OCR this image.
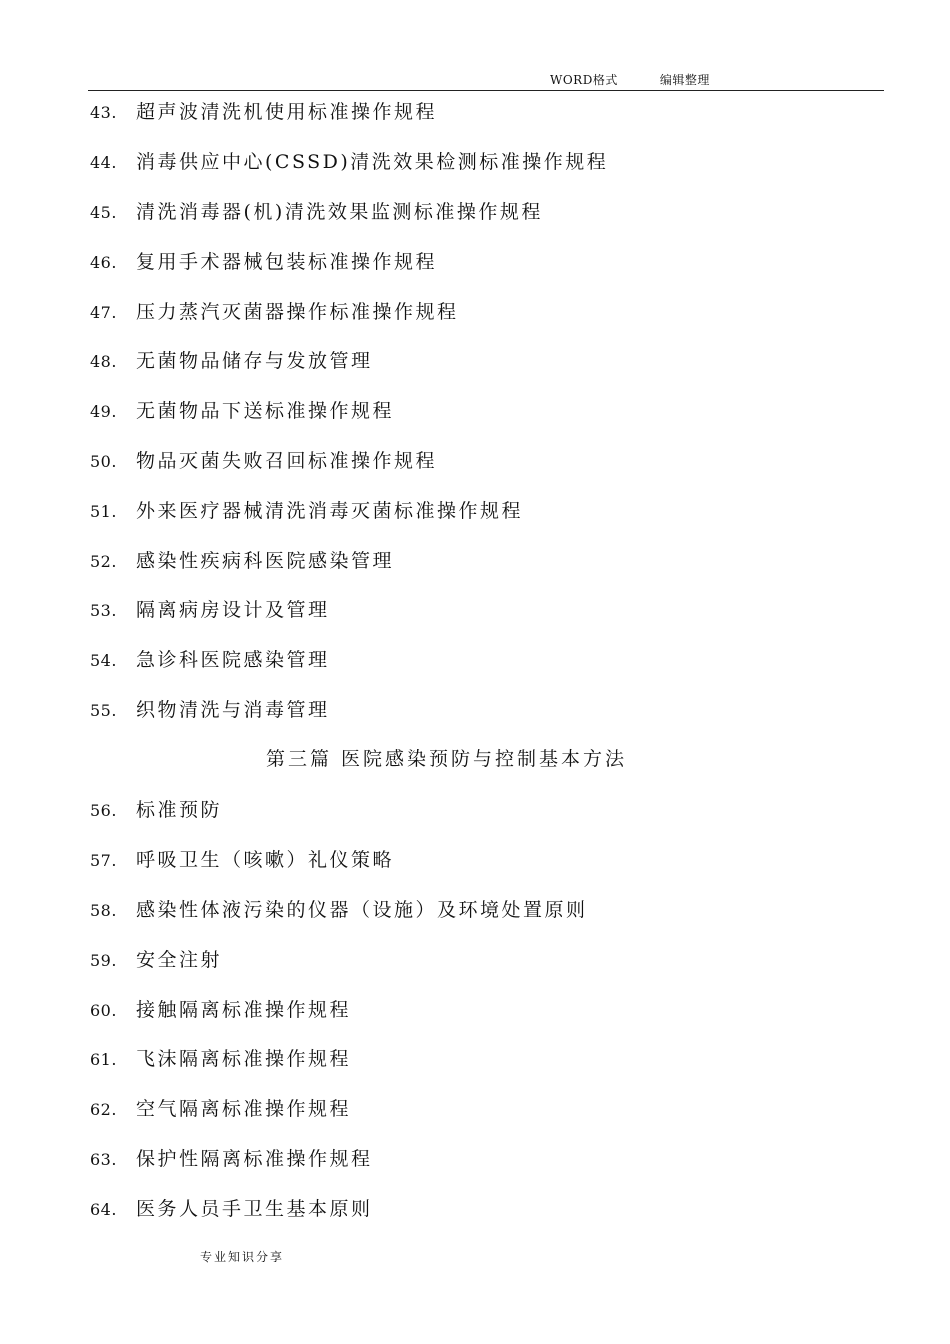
WORD格式	编辑整理
43. 超声波清洗机使用标准操作规程
44. 消毒供应中心(CSSD)清洗效果检测标准操作规程
45. 清洗消毒器(机)清洗效果监测标准操作规程
46. 复用手术器械包装标准操作规程
47. 压力蒸汽灭菌器操作标准操作规程
48. 无菌物品储存与发放管理
49. 无菌物品下送标准操作规程
50. 物品灭菌失败召回标准操作规程
51. 外来医疗器械清洗消毒灭菌标准操作规程
52. 感染性疾病科医院感染管理
53. 隔离病房设计及管理
54. 急诊科医院感染管理
55. 织物清洗与消毒管理
第三篇 医院感染预防与控制基本方法
56. 标准预防
57. 呼吸卫生（咳嗽）礼仪策略
58. 感染性体液污染的仪器（设施）及环境处置原则
59. 安全注射
60. 接触隔离标准操作规程
61. 飞沫隔离标准操作规程
62. 空气隔离标准操作规程
63. 保护性隔离标准操作规程
64. 医务人员手卫生基本原则
专业知识分享
